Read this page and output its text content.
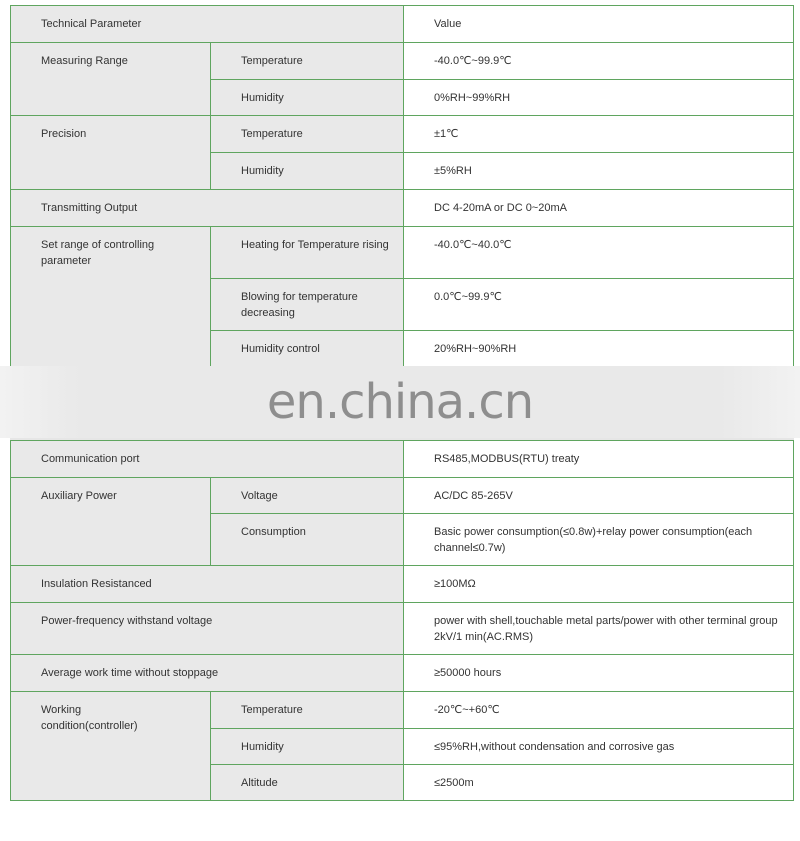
Technical Parameter		Value

Measuring Range	Temperature	-40.0℃~99.9℃

	Humidity	0%RH~99%RH

Precision	Temperature	±1℃

	Humidity	±5%RH

Transmitting Output		DC 4-20mA or DC 0~20mA

Set range of controlling parameter	Heating for Temperature rising	-40.0℃~40.0℃

	Blowing for temperature decreasing	0.0℃~99.9℃

	Humidity control	20%RH~90%RH

Communication port		RS485,MODBUS(RTU) treaty

Auxiliary Power	Voltage	AC/DC 85-265V

	Consumption	Basic power consumption(≤0.8w)+relay power consumption(each channel≤0.7w)

Insulation Resistanced		≥100MΩ

Power-frequency withstand voltage		power with shell,touchable metal parts/power with other terminal group 2kV/1 min(AC.RMS)

Average work time without stoppage		≥50000 hours

Working condition(controller)	Temperature	-20℃~+60℃

	Humidity	≤95%RH,without condensation and corrosive gas

	Altitude	≤2500m
en.china.cn
